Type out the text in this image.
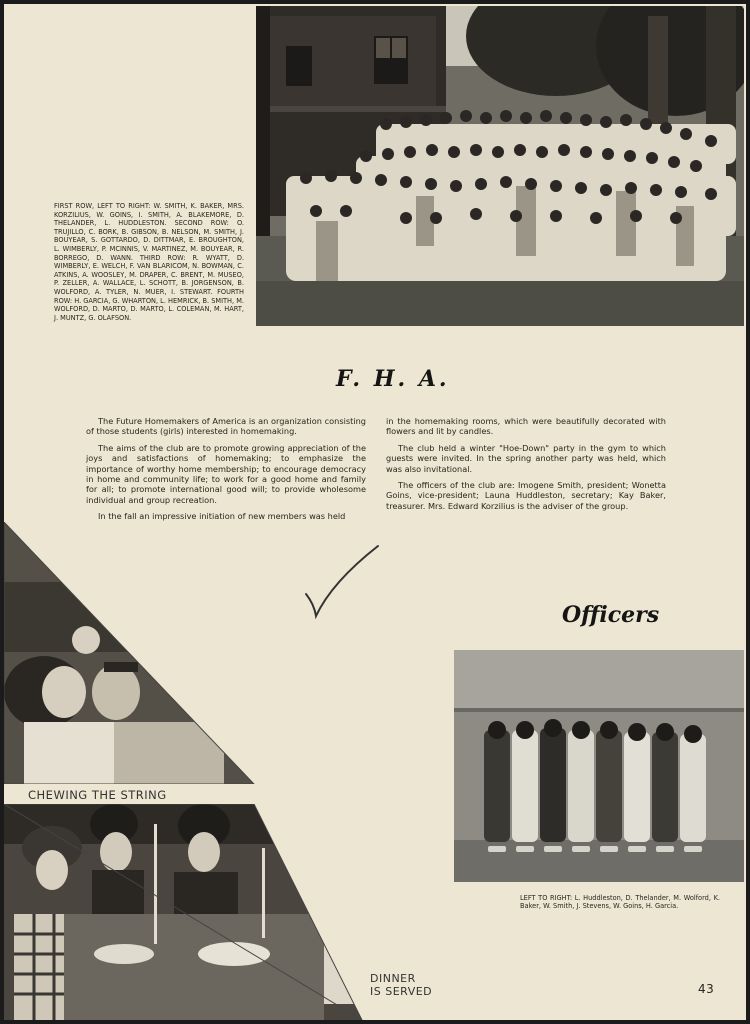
FIRST ROW, LEFT TO RIGHT: W. SMITH, K. BAKER, MRS. KORZILIUS, W. GOINS, I. SMITH, A. BLAKEMORE, D. THELANDER, L. HUDDLESTON. SECOND ROW: O. TRUJILLO, C. BORK, B. GIBSON, B. NELSON, M. SMITH, J. BOUYEAR, S. GOTTARDO, D. DITTMAR, E. BROUGHTON, L. WIMBERLY, P. MCINNIS, V. MARTINEZ, M. BOUYEAR, R. BORREGO, D. WANN. THIRD ROW: R. WYATT, D. WIMBERLY, E. WELCH, F. VAN BLARICOM, N. BOWMAN, C. ATKINS, A. WOOSLEY, M. DRAPER, C. BRENT, M. MUSEO, P. ZELLER, A. WALLACE, L. SCHOTT, B. JORGENSON, B. WOLFORD, A. TYLER, N. MUER, I. STEWART. FOURTH ROW: H. GARCIA, G. WHARTON, L. HEMRICK, B. SMITH, M. WOLFORD, D. MARTO, D. MARTO, L. COLEMAN, M. HART, J. MUNTZ, G. OLAFSON.
F. H. A.

The Future Homemakers of America is an organization consisting of those students (girls) interested in homemaking.

The aims of the club are to promote growing appreciation of the joys and satisfactions of homemaking; to emphasize the importance of worthy home membership; to encourage democracy in home and community life; to work for a good home and family for all; to promote international good will; to provide wholesome individual and group recreation.

In the fall an impressive initiation of new members was held

in the homemaking rooms, which were beautifully decorated with flowers and lit by candles.

The club held a winter "Hoe-Down" party in the gym to which guests were invited. In the spring another party was held, which was also invitational.

The officers of the club are: Imogene Smith, president; Wonetta Goins, vice-president; Launa Huddleston, secretary; Kay Baker, treasurer. Mrs. Edward Korzilius is the adviser of the group.

Officers
LEFT TO RIGHT: L. Huddleston, D. Thelander, M. Wolford, K. Baker, W. Smith, J. Stevens, W. Goins, H. Garcia.
CHEWING THE STRING
DINNER
IS SERVED	43
